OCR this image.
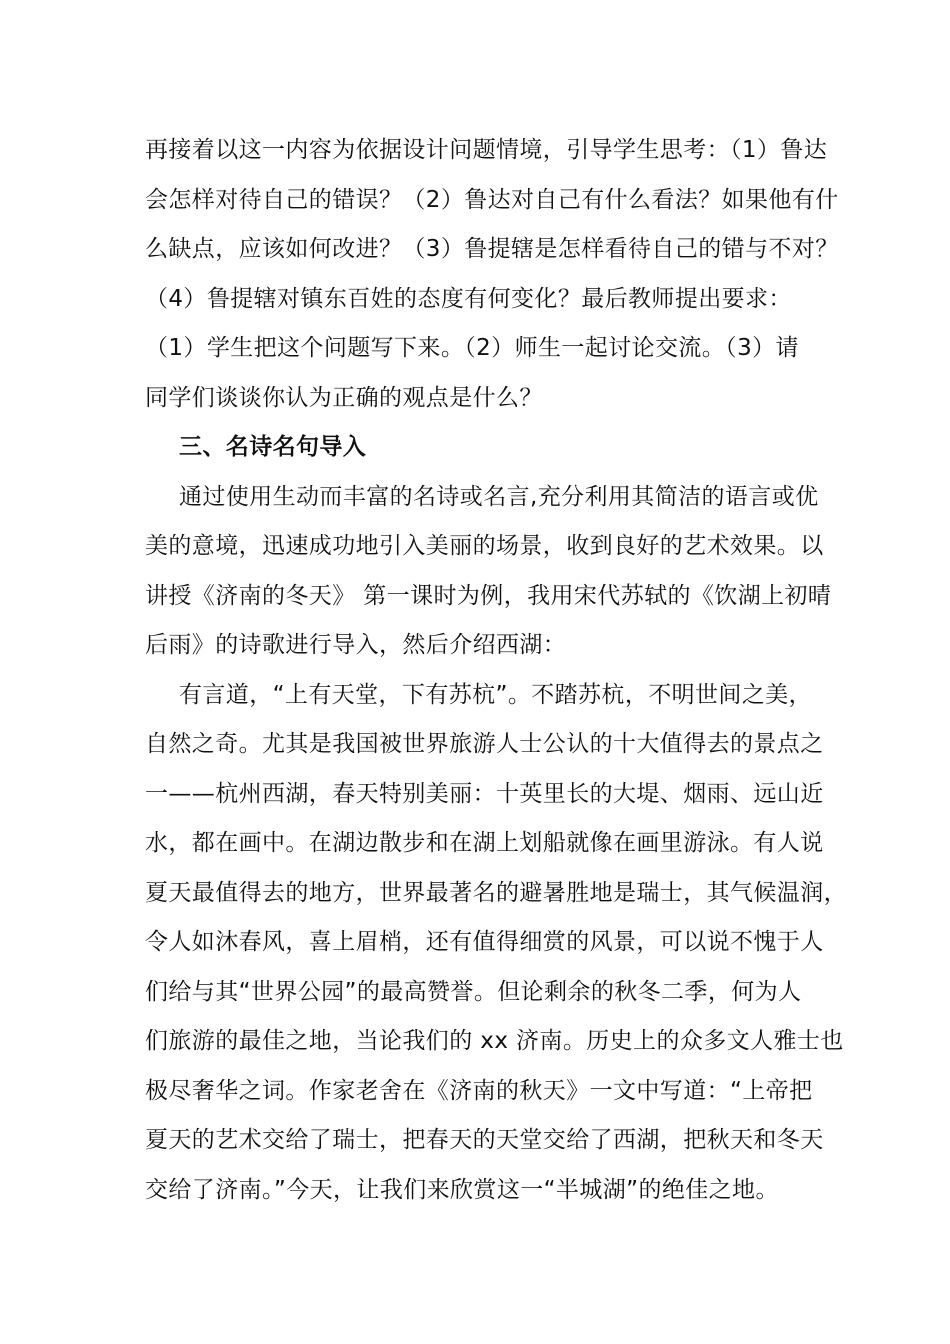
再接着以这一内容为依据设计问题情境，引导学生思考：（1）鲁达
会怎样对待自己的错误？（2）鲁达对自己有什么看法？如果他有什
么缺点，应该如何改进？（3）鲁提辖是怎样看待自己的错与不对？
（4）鲁提辖对镇东百姓的态度有何变化？最后教师提出要求：
（1）学生把这个问题写下来。（2）师生一起讨论交流。（3）请
同学们谈谈你认为正确的观点是什么？
三、名诗名句导入
通过使用生动而丰富的名诗或名言,充分利用其简洁的语言或优
美的意境，迅速成功地引入美丽的场景，收到良好的艺术效果。以
讲授《济南的冬天》 第一课时为例，我用宋代苏轼的《饮湖上初晴
后雨》的诗歌进行导入，然后介绍西湖：
有言道，“上有天堂，下有苏杭”。不踏苏杭，不明世间之美，
自然之奇。尤其是我国被世界旅游人士公认的十大值得去的景点之
一——杭州西湖，春天特别美丽：十英里长的大堤、烟雨、远山近
水，都在画中。在湖边散步和在湖上划船就像在画里游泳。有人说
夏天最值得去的地方，世界最著名的避暑胜地是瑞士，其气候温润，
令人如沐春风，喜上眉梢，还有值得细赏的风景，可以说不愧于人
们给与其“世界公园”的最高赞誉。但论剩余的秋冬二季，何为人
们旅游的最佳之地，当论我们的 xx 济南。历史上的众多文人雅士也
极尽奢华之词。作家老舍在《济南的秋天》一文中写道：“上帝把
夏天的艺术交给了瑞士，把春天的天堂交给了西湖，把秋天和冬天
交给了济南。”今天，让我们来欣赏这一“半城湖”的绝佳之地。
